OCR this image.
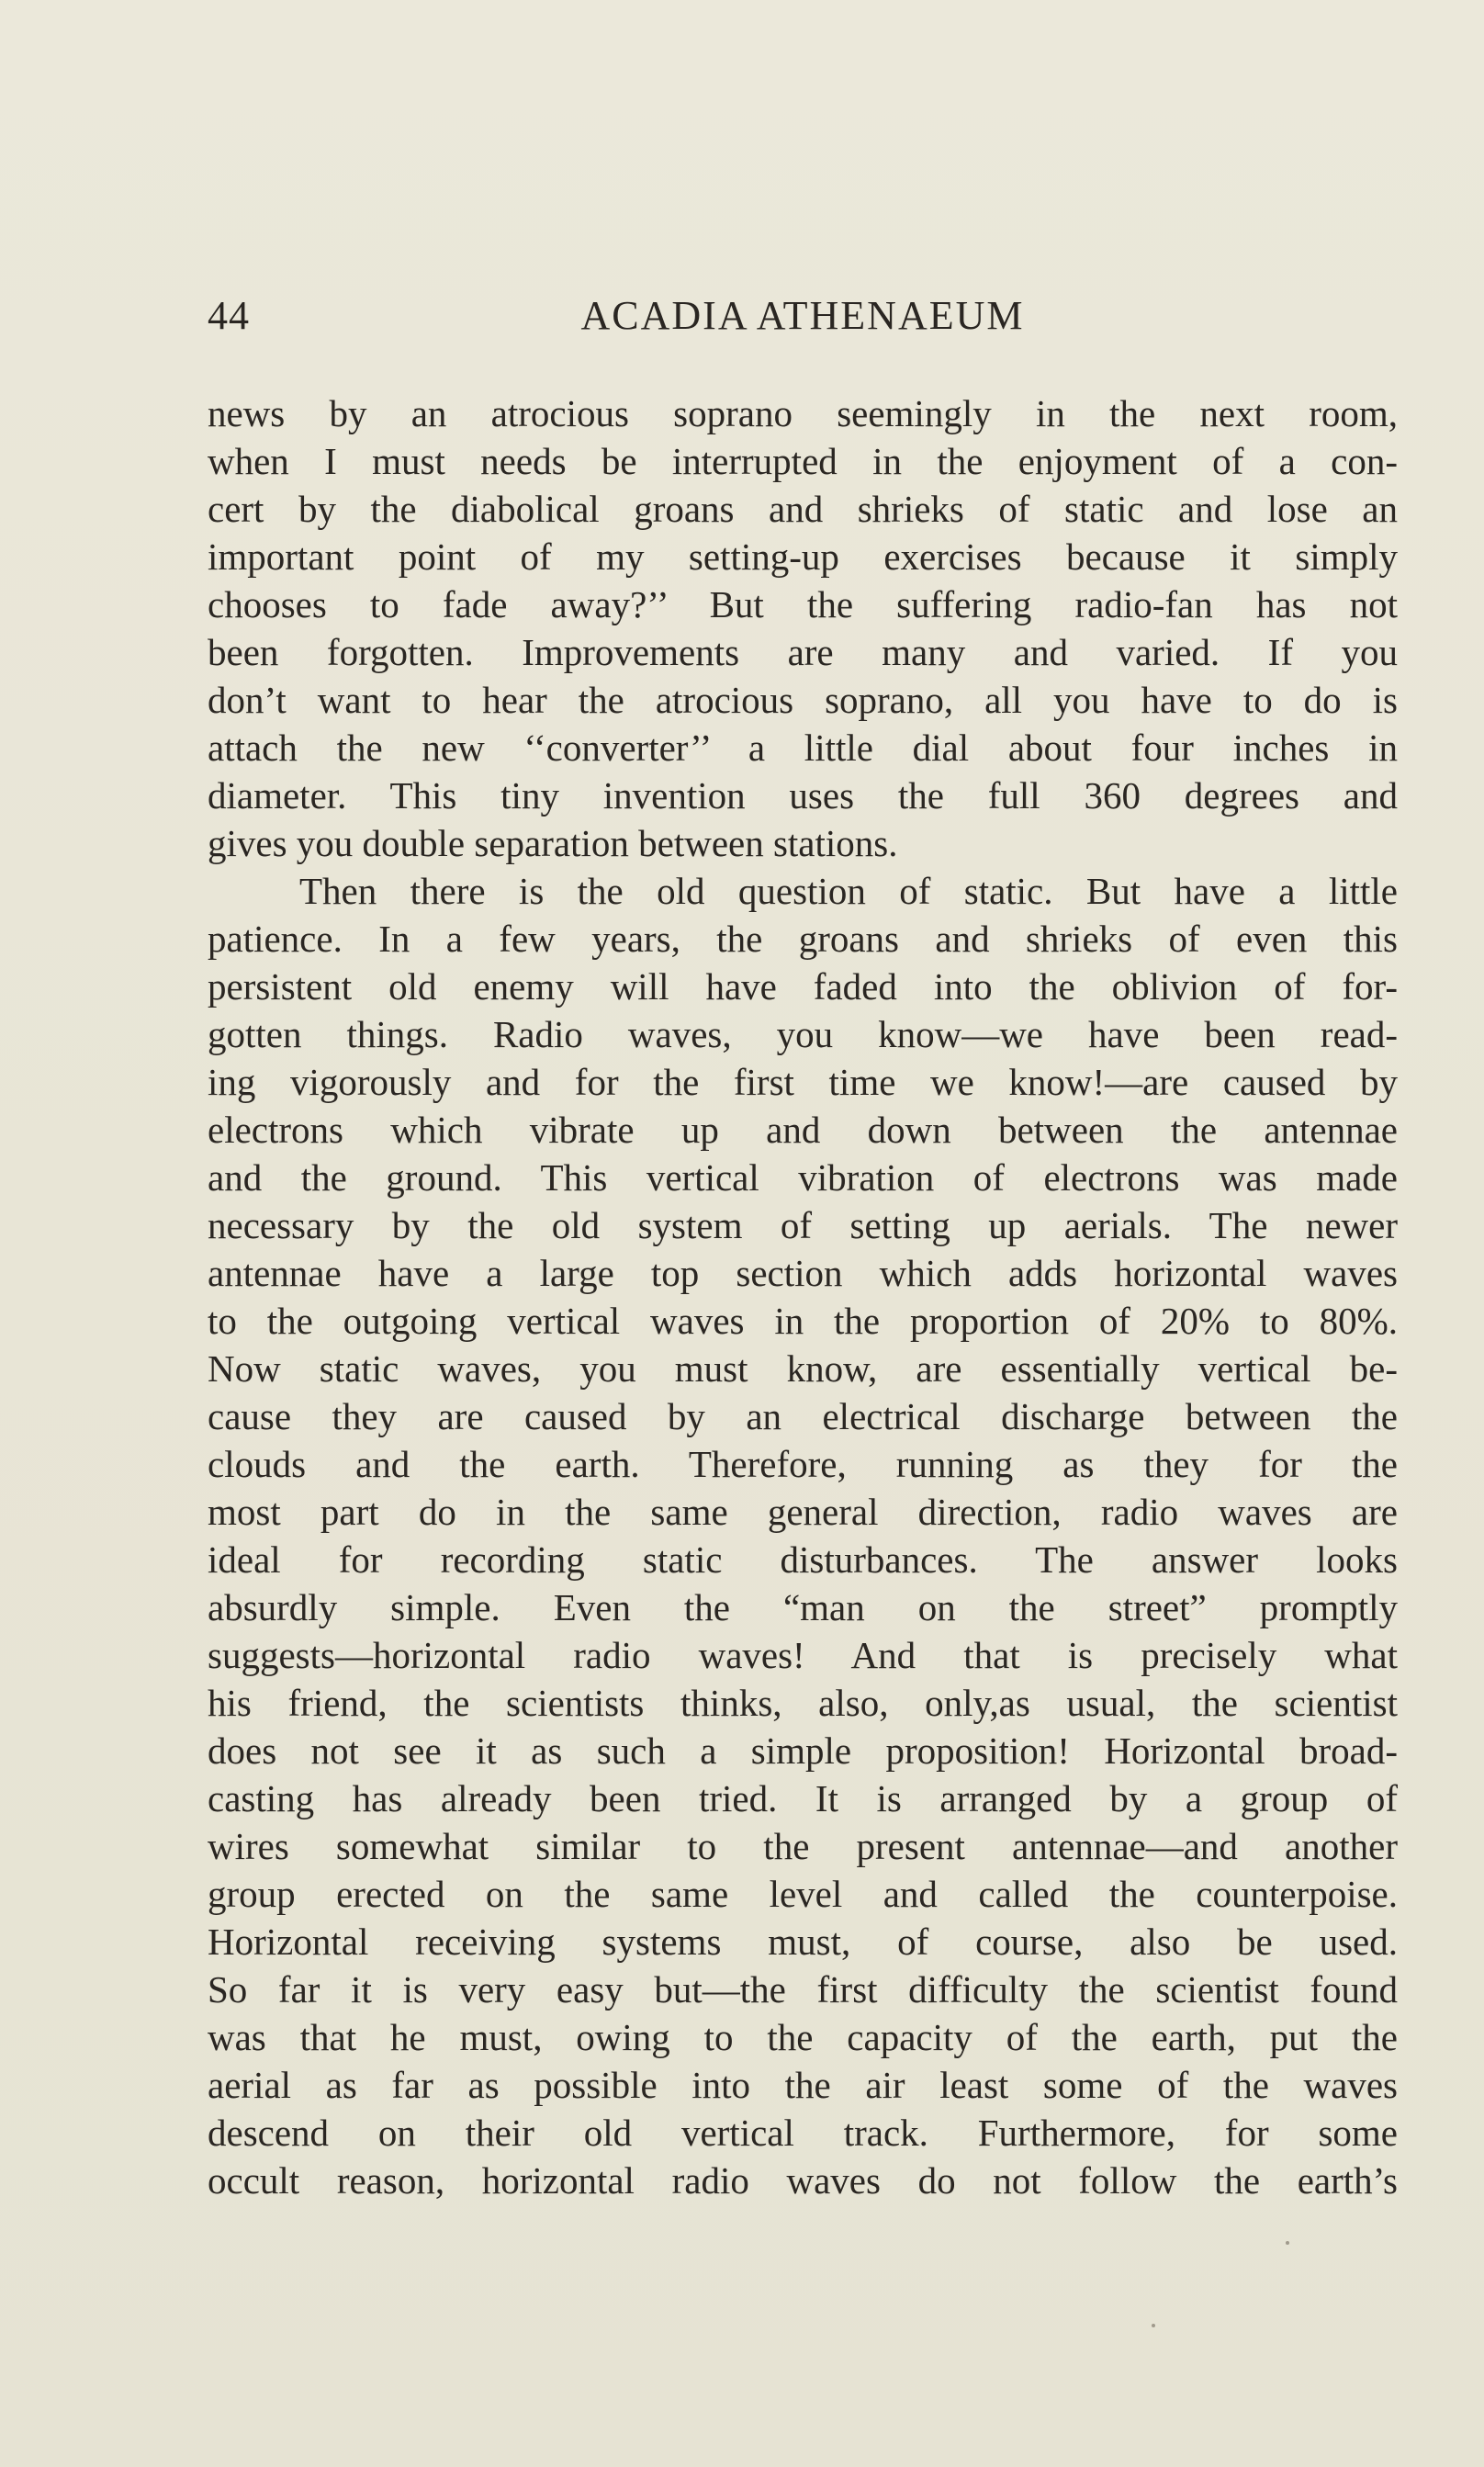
44	ACADIA ATHENAEUM
news by an atrocious soprano seemingly in the next room,
when I must needs be interrupted in the enjoyment of a con-
cert by the diabolical groans and shrieks of static and lose an
important point of my setting-up exercises because it simply
chooses to fade away?’’ But the suffering radio-fan has not
been forgotten. Improvements are many and varied. If you
don’t want to hear the atrocious soprano, all you have to do is
attach the new ‘‘converter’’ a little dial about four inches in
diameter. This tiny invention uses the full 360 degrees and
gives you double separation between stations.
Then there is the old question of static. But have a little
patience. In a few years, the groans and shrieks of even this
persistent old enemy will have faded into the oblivion of for-
gotten things. Radio waves, you know—we have been read-
ing vigorously and for the first time we know!—are caused by
electrons which vibrate up and down between the antennae
and the ground. This vertical vibration of electrons was made
necessary by the old system of setting up aerials. The newer
antennae have a large top section which adds horizontal waves
to the outgoing vertical waves in the proportion of 20% to 80%.
Now static waves, you must know, are essentially vertical be-
cause they are caused by an electrical discharge between the
clouds and the earth. Therefore, running as they for the
most part do in the same general direction, radio waves are
ideal for recording static disturbances. The answer looks
absurdly simple. Even the “man on the street” promptly
suggests—horizontal radio waves! And that is precisely what
his friend, the scientists thinks, also, only,as usual, the scientist
does not see it as such a simple proposition! Horizontal broad-
casting has already been tried. It is arranged by a group of
wires somewhat similar to the present antennae—and another
group erected on the same level and called the counterpoise.
Horizontal receiving systems must, of course, also be used.
So far it is very easy but—the first difficulty the scientist found
was that he must, owing to the capacity of the earth, put the
aerial as far as possible into the air least some of the waves
descend on their old vertical track. Furthermore, for some
occult reason, horizontal radio waves do not follow the earth’s
